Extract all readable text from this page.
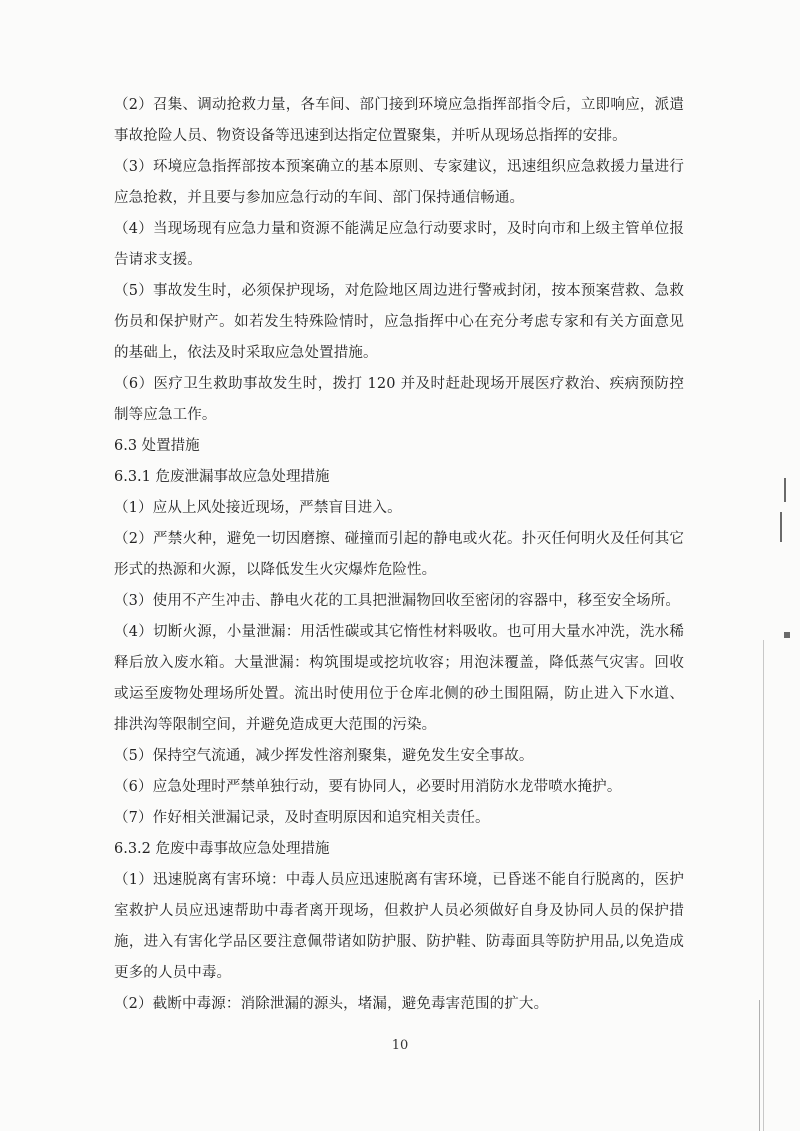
（2）召集、调动抢救力量，各车间、部门接到环境应急指挥部指令后，立即响应，派遣事故抢险人员、物资设备等迅速到达指定位置聚集，并听从现场总指挥的安排。

（3）环境应急指挥部按本预案确立的基本原则、专家建议，迅速组织应急救援力量进行应急抢救，并且要与参加应急行动的车间、部门保持通信畅通。

（4）当现场现有应急力量和资源不能满足应急行动要求时，及时向市和上级主管单位报告请求支援。

（5）事故发生时，必须保护现场，对危险地区周边进行警戒封闭，按本预案营救、急救伤员和保护财产。如若发生特殊险情时，应急指挥中心在充分考虑专家和有关方面意见的基础上，依法及时采取应急处置措施。

（6）医疗卫生救助事故发生时，拨打 120 并及时赶赴现场开展医疗救治、疾病预防控制等应急工作。

6.3 处置措施

6.3.1 危废泄漏事故应急处理措施

（1）应从上风处接近现场，严禁盲目进入。

（2）严禁火种，避免一切因磨擦、碰撞而引起的静电或火花。扑灭任何明火及任何其它形式的热源和火源，以降低发生火灾爆炸危险性。

（3）使用不产生冲击、静电火花的工具把泄漏物回收至密闭的容器中，移至安全场所。

（4）切断火源，小量泄漏：用活性碳或其它惰性材料吸收。也可用大量水冲洗，洗水稀释后放入废水箱。大量泄漏：构筑围堤或挖坑收容；用泡沫覆盖，降低蒸气灾害。回收或运至废物处理场所处置。流出时使用位于仓库北侧的砂土围阻隔，防止进入下水道、排洪沟等限制空间，并避免造成更大范围的污染。

（5）保持空气流通，减少挥发性溶剂聚集，避免发生安全事故。

（6）应急处理时严禁单独行动，要有协同人，必要时用消防水龙带喷水掩护。

（7）作好相关泄漏记录，及时查明原因和追究相关责任。

6.3.2 危废中毒事故应急处理措施

（1）迅速脱离有害环境：中毒人员应迅速脱离有害环境，已昏迷不能自行脱离的，医护室救护人员应迅速帮助中毒者离开现场，但救护人员必须做好自身及协同人员的保护措施，进入有害化学品区要注意佩带诸如防护服、防护鞋、防毒面具等防护用品,以免造成更多的人员中毒。

（2）截断中毒源：消除泄漏的源头，堵漏，避免毒害范围的扩大。

10
